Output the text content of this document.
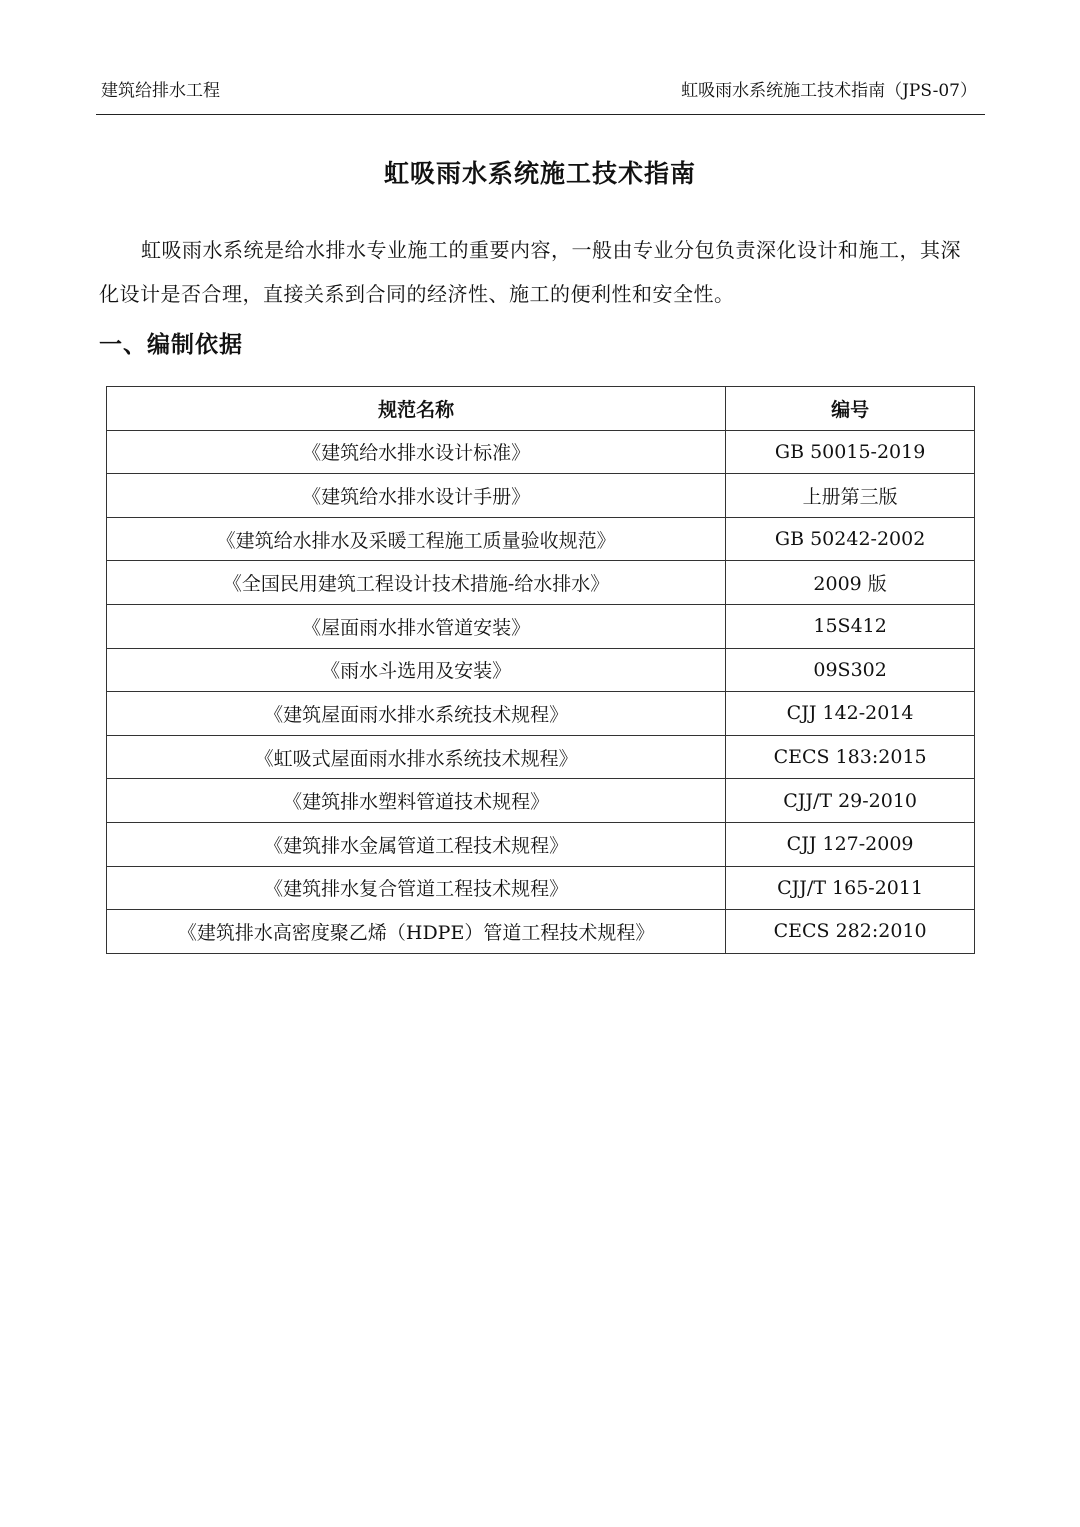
建筑给排水工程	虹吸雨水系统施工技术指南（JPS-07）
虹吸雨水系统施工技术指南

虹吸雨水系统是给水排水专业施工的重要内容，一般由专业分包负责深化设计和施工，其深化设计是否合理，直接关系到合同的经济性、施工的便利性和安全性。

一、编制依据
规范名称	编号
《建筑给水排水设计标准》	GB 50015-2019
《建筑给水排水设计手册》	上册第三版
《建筑给水排水及采暖工程施工质量验收规范》	GB 50242-2002
《全国民用建筑工程设计技术措施-给水排水》	2009 版
《屋面雨水排水管道安装》	15S412
《雨水斗选用及安装》	09S302
《建筑屋面雨水排水系统技术规程》	CJJ 142-2014
《虹吸式屋面雨水排水系统技术规程》	CECS 183:2015
《建筑排水塑料管道技术规程》	CJJ/T 29-2010
《建筑排水金属管道工程技术规程》	CJJ 127-2009
《建筑排水复合管道工程技术规程》	CJJ/T 165-2011
《建筑排水高密度聚乙烯（HDPE）管道工程技术规程》	CECS 282:2010
